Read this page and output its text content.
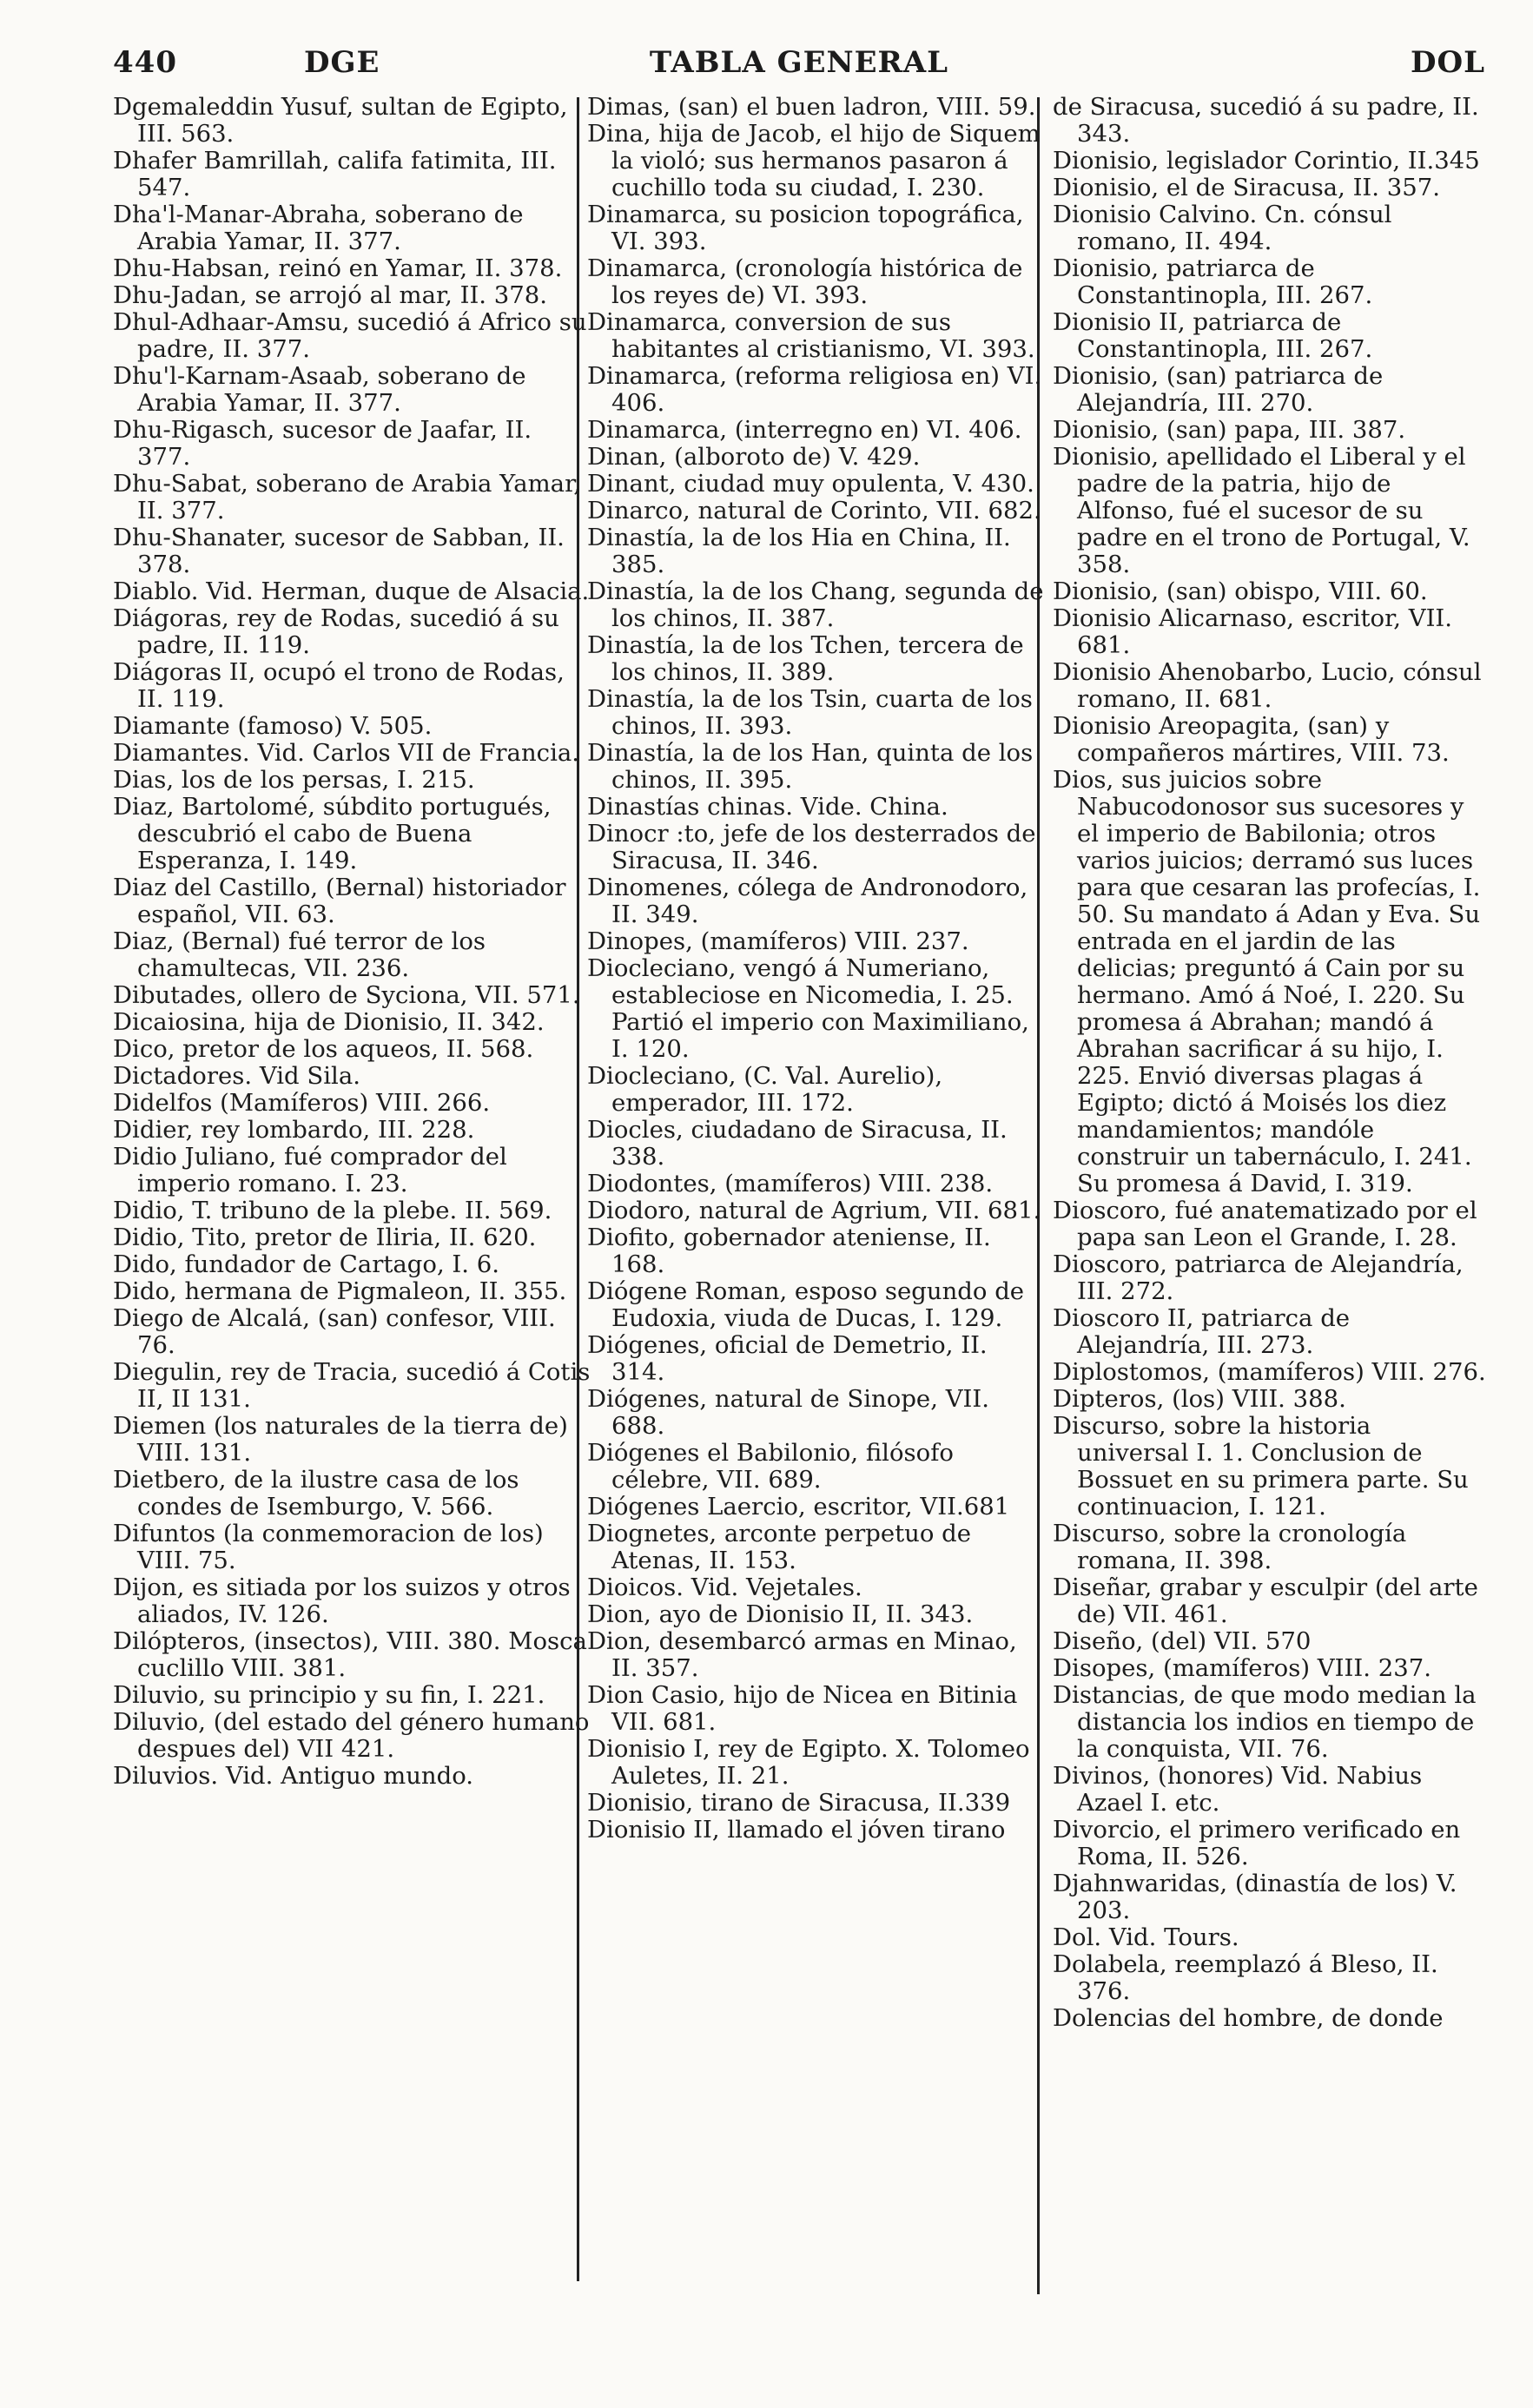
440	DGE	TABLA GENERAL	DOL

Dgemaleddin Yusuf, sultan de Egipto, III. 563.

Dhafer Bamrillah, califa fatimita, III. 547.

Dha'l-Manar-Abraha, soberano de Arabia Yamar, II. 377.

Dhu-Habsan, reinó en Yamar, II. 378.

Dhu-Jadan, se arrojó al mar, II. 378.

Dhul-Adhaar-Amsu, sucedió á Africo su padre, II. 377.

Dhu'l-Karnam-Asaab, soberano de Arabia Yamar, II. 377.

Dhu-Rigasch, sucesor de Jaafar, II. 377.

Dhu-Sabat, soberano de Arabia Yamar, II. 377.

Dhu-Shanater, sucesor de Sabban, II. 378.

Diablo. Vid. Herman, duque de Alsacia.

Diágoras, rey de Rodas, sucedió á su padre, II. 119.

Diágoras II, ocupó el trono de Rodas, II. 119.

Diamante (famoso) V. 505.

Diamantes. Vid. Carlos VII de Francia.

Dias, los de los persas, I. 215.

Diaz, Bartolomé, súbdito portugués, descubrió el cabo de Buena Esperanza, I. 149.

Diaz del Castillo, (Bernal) historiador español, VII. 63.

Diaz, (Bernal) fué terror de los chamultecas, VII. 236.

Dibutades, ollero de Syciona, VII. 571.

Dicaiosina, hija de Dionisio, II. 342.

Dico, pretor de los aqueos, II. 568.

Dictadores. Vid Sila.

Didelfos (Mamíferos) VIII. 266.

Didier, rey lombardo, III. 228.

Didio Juliano, fué comprador del imperio romano. I. 23.

Didio, T. tribuno de la plebe. II. 569.

Didio, Tito, pretor de Iliria, II. 620.

Dido, fundador de Cartago, I. 6.

Dido, hermana de Pigmaleon, II. 355.

Diego de Alcalá, (san) confesor, VIII. 76.

Diegulin, rey de Tracia, sucedió á Cotis II, II 131.

Diemen (los naturales de la tierra de) VIII. 131.

Dietbero, de la ilustre casa de los condes de Isemburgo, V. 566.

Difuntos (la conmemoracion de los) VIII. 75.

Dijon, es sitiada por los suizos y otros aliados, IV. 126.

Dilópteros, (insectos), VIII. 380. Mosca cuclillo VIII. 381.

Diluvio, su principio y su fin, I. 221.

Diluvio, (del estado del género humano despues del) VII 421.

Diluvios. Vid. Antiguo mundo.

Dimas, (san) el buen ladron, VIII. 59.

Dina, hija de Jacob, el hijo de Siquem la violó; sus hermanos pasaron á cuchillo toda su ciudad, I. 230.

Dinamarca, su posicion topográfica, VI. 393.

Dinamarca, (cronología histórica de los reyes de) VI. 393.

Dinamarca, conversion de sus habitantes al cristianismo, VI. 393.

Dinamarca, (reforma religiosa en) VI. 406.

Dinamarca, (interregno en) VI. 406.

Dinan, (alboroto de) V. 429.

Dinant, ciudad muy opulenta, V. 430.

Dinarco, natural de Corinto, VII. 682.

Dinastía, la de los Hia en China, II. 385.

Dinastía, la de los Chang, segunda de los chinos, II. 387.

Dinastía, la de los Tchen, tercera de los chinos, II. 389.

Dinastía, la de los Tsin, cuarta de los chinos, II. 393.

Dinastía, la de los Han, quinta de los chinos, II. 395.

Dinastías chinas. Vide. China.

Dinocr :to, jefe de los desterrados de Siracusa, II. 346.

Dinomenes, cólega de Andronodoro, II. 349.

Dinopes, (mamíferos) VIII. 237.

Diocleciano, vengó á Numeriano, estableciose en Nicomedia, I. 25. Partió el imperio con Maximiliano, I. 120.

Diocleciano, (C. Val. Aurelio), emperador, III. 172.

Diocles, ciudadano de Siracusa, II. 338.

Diodontes, (mamíferos) VIII. 238.

Diodoro, natural de Agrium, VII. 681.

Diofito, gobernador ateniense, II. 168.

Diógene Roman, esposo segundo de Eudoxia, viuda de Ducas, I. 129.

Diógenes, oficial de Demetrio, II. 314.

Diógenes, natural de Sinope, VII. 688.

Diógenes el Babilonio, filósofo célebre, VII. 689.

Diógenes Laercio, escritor, VII.681

Diognetes, arconte perpetuo de Atenas, II. 153.

Dioicos. Vid. Vejetales.

Dion, ayo de Dionisio II, II. 343.

Dion, desembarcó armas en Minao, II. 357.

Dion Casio, hijo de Nicea en Bitinia VII. 681.

Dionisio I, rey de Egipto. X. Tolomeo Auletes, II. 21.

Dionisio, tirano de Siracusa, II.339

Dionisio II, llamado el jóven tirano

de Siracusa, sucedió á su padre, II. 343.

Dionisio, legislador Corintio, II.345

Dionisio, el de Siracusa, II. 357.

Dionisio Calvino. Cn. cónsul romano, II. 494.

Dionisio, patriarca de Constantinopla, III. 267.

Dionisio II, patriarca de Constantinopla, III. 267.

Dionisio, (san) patriarca de Alejandría, III. 270.

Dionisio, (san) papa, III. 387.

Dionisio, apellidado el Liberal y el padre de la patria, hijo de Alfonso, fué el sucesor de su padre en el trono de Portugal, V. 358.

Dionisio, (san) obispo, VIII. 60.

Dionisio Alicarnaso, escritor, VII. 681.

Dionisio Ahenobarbo, Lucio, cónsul romano, II. 681.

Dionisio Areopagita, (san) y compañeros mártires, VIII. 73.

Dios, sus juicios sobre Nabucodonosor sus sucesores y el imperio de Babilonia; otros varios juicios; derramó sus luces para que cesaran las profecías, I. 50. Su mandato á Adan y Eva. Su entrada en el jardin de las delicias; preguntó á Cain por su hermano. Amó á Noé, I. 220. Su promesa á Abrahan; mandó á Abrahan sacrificar á su hijo, I. 225. Envió diversas plagas á Egipto; dictó á Moisés los diez mandamientos; mandóle construir un tabernáculo, I. 241. Su promesa á David, I. 319.

Dioscoro, fué anatematizado por el papa san Leon el Grande, I. 28.

Dioscoro, patriarca de Alejandría, III. 272.

Dioscoro II, patriarca de Alejandría, III. 273.

Diplostomos, (mamíferos) VIII. 276.

Dipteros, (los) VIII. 388.

Discurso, sobre la historia universal I. 1. Conclusion de Bossuet en su primera parte. Su continuacion, I. 121.

Discurso, sobre la cronología romana, II. 398.

Diseñar, grabar y esculpir (del arte de) VII. 461.

Diseño, (del) VII. 570

Disopes, (mamíferos) VIII. 237.

Distancias, de que modo median la distancia los indios en tiempo de la conquista, VII. 76.

Divinos, (honores) Vid. Nabius Azael I. etc.

Divorcio, el primero verificado en Roma, II. 526.

Djahnwaridas, (dinastía de los) V. 203.

Dol. Vid. Tours.

Dolabela, reemplazó á Bleso, II. 376.

Dolencias del hombre, de donde
